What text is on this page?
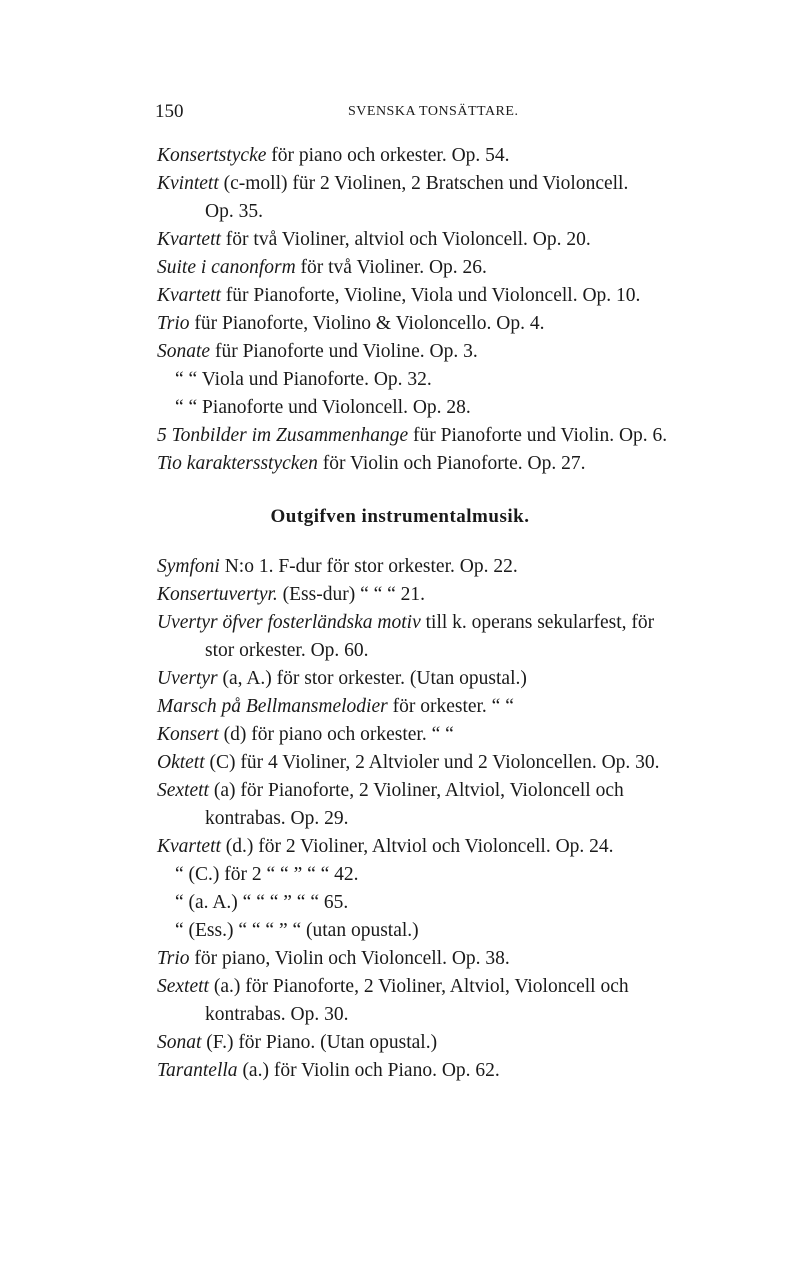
150	SVENSKA TONSÄTTARE.
Konsertstycke för piano och orkester. Op. 54.
Kvintett (c-moll) für 2 Violinen, 2 Bratschen und Violoncell.
Op. 35.
Kvartett för två Violiner, altviol och Violoncell. Op. 20.
Suite i canonform för två Violiner. Op. 26.
Kvartett für Pianoforte, Violine, Viola und Violoncell. Op. 10.
Trio für Pianoforte, Violino & Violoncello. Op. 4.
Sonate für Pianoforte und Violine. Op. 3.
“ “ Viola und Pianoforte. Op. 32.
“ “ Pianoforte und Violoncell. Op. 28.
5 Tonbilder im Zusammenhange für Pianoforte und Violin. Op. 6.
Tio karaktersstycken för Violin och Pianoforte. Op. 27.
Outgifven instrumentalmusik.
Symfoni N:o 1. F-dur för stor orkester. Op. 22.
Konsertuvertyr. (Ess-dur) “ “ “ 21.
Uvertyr öfver fosterländska motiv till k. operans sekularfest, för
stor orkester. Op. 60.
Uvertyr (a, A.) för stor orkester. (Utan opustal.)
Marsch på Bellmansmelodier för orkester. “ “
Konsert (d) för piano och orkester. “ “
Oktett (C) für 4 Violiner, 2 Altvioler und 2 Violoncellen. Op. 30.
Sextett (a) för Pianoforte, 2 Violiner, Altviol, Violoncell och
kontrabas. Op. 29.
Kvartett (d.) för 2 Violiner, Altviol och Violoncell. Op. 24.
“ (C.) för 2 “ “ ” “ “ 42.
“ (a. A.) “ “ “ ” “ “ 65.
“ (Ess.) “ “ “ ” “ (utan opustal.)
Trio för piano, Violin och Violoncell. Op. 38.
Sextett (a.) för Pianoforte, 2 Violiner, Altviol, Violoncell och
kontrabas. Op. 30.
Sonat (F.) för Piano. (Utan opustal.)
Tarantella (a.) för Violin och Piano. Op. 62.
